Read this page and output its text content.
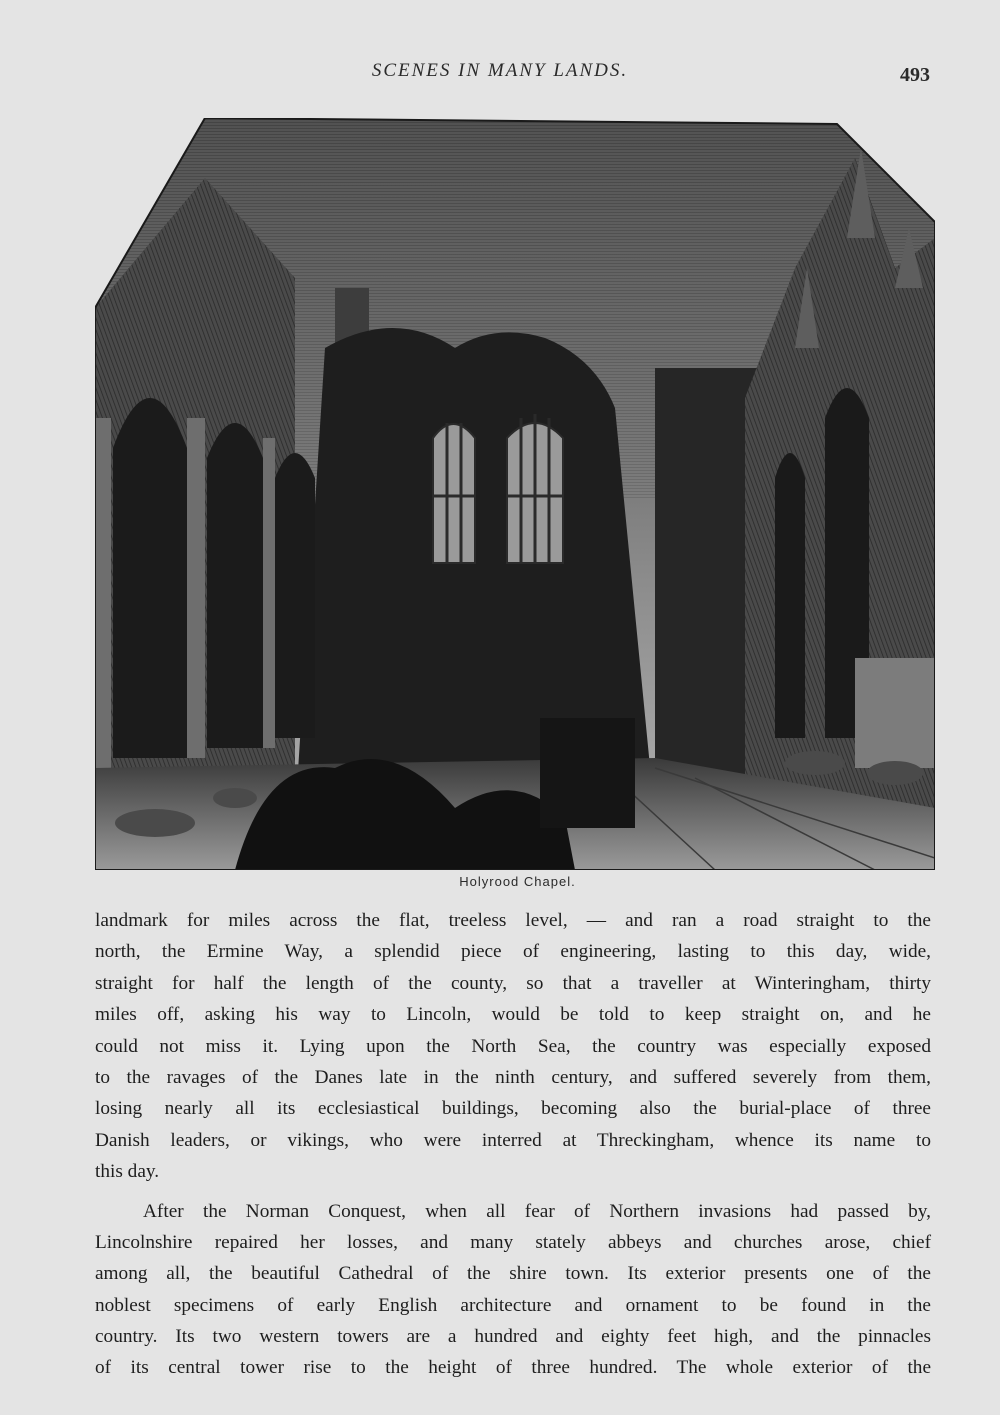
SCENES IN MANY LANDS.	493
Holyrood Chapel.
landmark for miles across the flat, treeless level, — and ran a road straight to the
north, the Ermine Way, a splendid piece of engineering, lasting to this day, wide,
straight for half the length of the county, so that a traveller at Winteringham, thirty
miles off, asking his way to Lincoln, would be told to keep straight on, and he
could not miss it. Lying upon the North Sea, the country was especially exposed
to the ravages of the Danes late in the ninth century, and suffered severely from them,
losing nearly all its ecclesiastical buildings, becoming also the burial-place of three
Danish leaders, or vikings, who were interred at Threckingham, whence its name to
this day.
After the Norman Conquest, when all fear of Northern invasions had passed by,
Lincolnshire repaired her losses, and many stately abbeys and churches arose, chief
among all, the beautiful Cathedral of the shire town. Its exterior presents one of the
noblest specimens of early English architecture and ornament to be found in the
country. Its two western towers are a hundred and eighty feet high, and the pinnacles
of its central tower rise to the height of three hundred. The whole exterior of the
